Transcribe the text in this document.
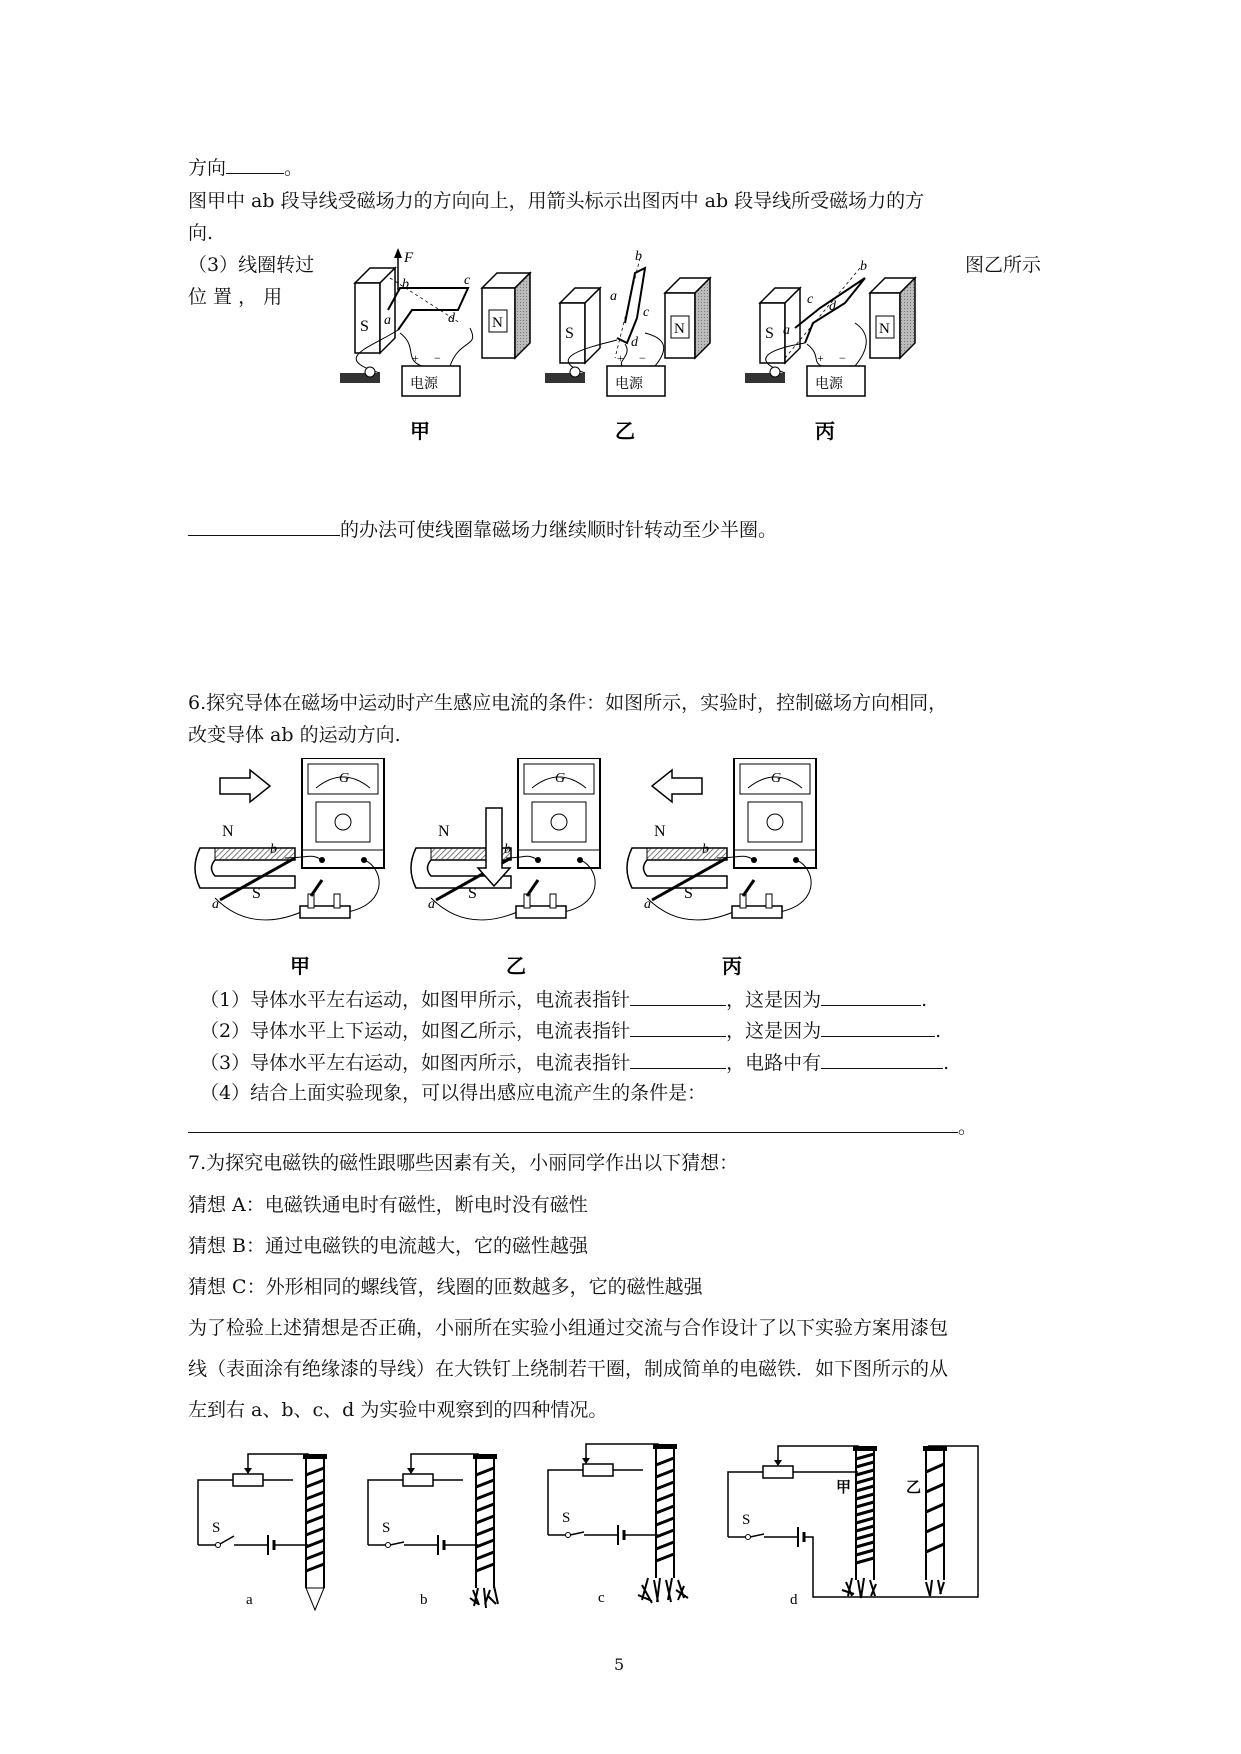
方向	。
图甲中 ab 段导线受磁场力的方向向上，用箭头标示出图丙中 ab 段导线所受磁场力的方
向.
（3）线圈转过
位 置 ， 用
图乙所示
S	N
F
b
a
c
d
电源
+ −
甲
S	N
b
a
c
d
电源
+ −
乙
S	N
b
c
a
d
电源
+ −
丙
的办法可使线圈靠磁场力继续顺时针转动至少半圈。
6.探究导体在磁场中运动时产生感应电流的条件：如图所示，实验时，控制磁场方向相同，
改变导体 ab 的运动方向.
G
N
S
a
b
甲
G
N
S
a
b
乙
G
N
S
a
b
丙
（1）导体水平左右运动，如图甲所示，电流表指针	，这是因为	.
（2）导体水平上下运动，如图乙所示，电流表指针	，这是因为	.
（3）导体水平左右运动，如图丙所示，电流表指针	，电路中有	.
（4）结合上面实验现象，可以得出感应电流产生的条件是：
。
7.为探究电磁铁的磁性跟哪些因素有关，小丽同学作出以下猜想：
猜想 A：电磁铁通电时有磁性，断电时没有磁性
猜想 B：通过电磁铁的电流越大，它的磁性越强
猜想 C：外形相同的螺线管，线圈的匝数越多，它的磁性越强
为了检验上述猜想是否正确，小丽所在实验小组通过交流与合作设计了以下实验方案用漆包
线（表面涂有绝缘漆的导线）在大铁钉上绕制若干圈，制成简单的电磁铁．如下图所示的从
左到右 a、b、c、d 为实验中观察到的四种情况。
S
a
S
b
S
c
S
甲	乙
d
5
